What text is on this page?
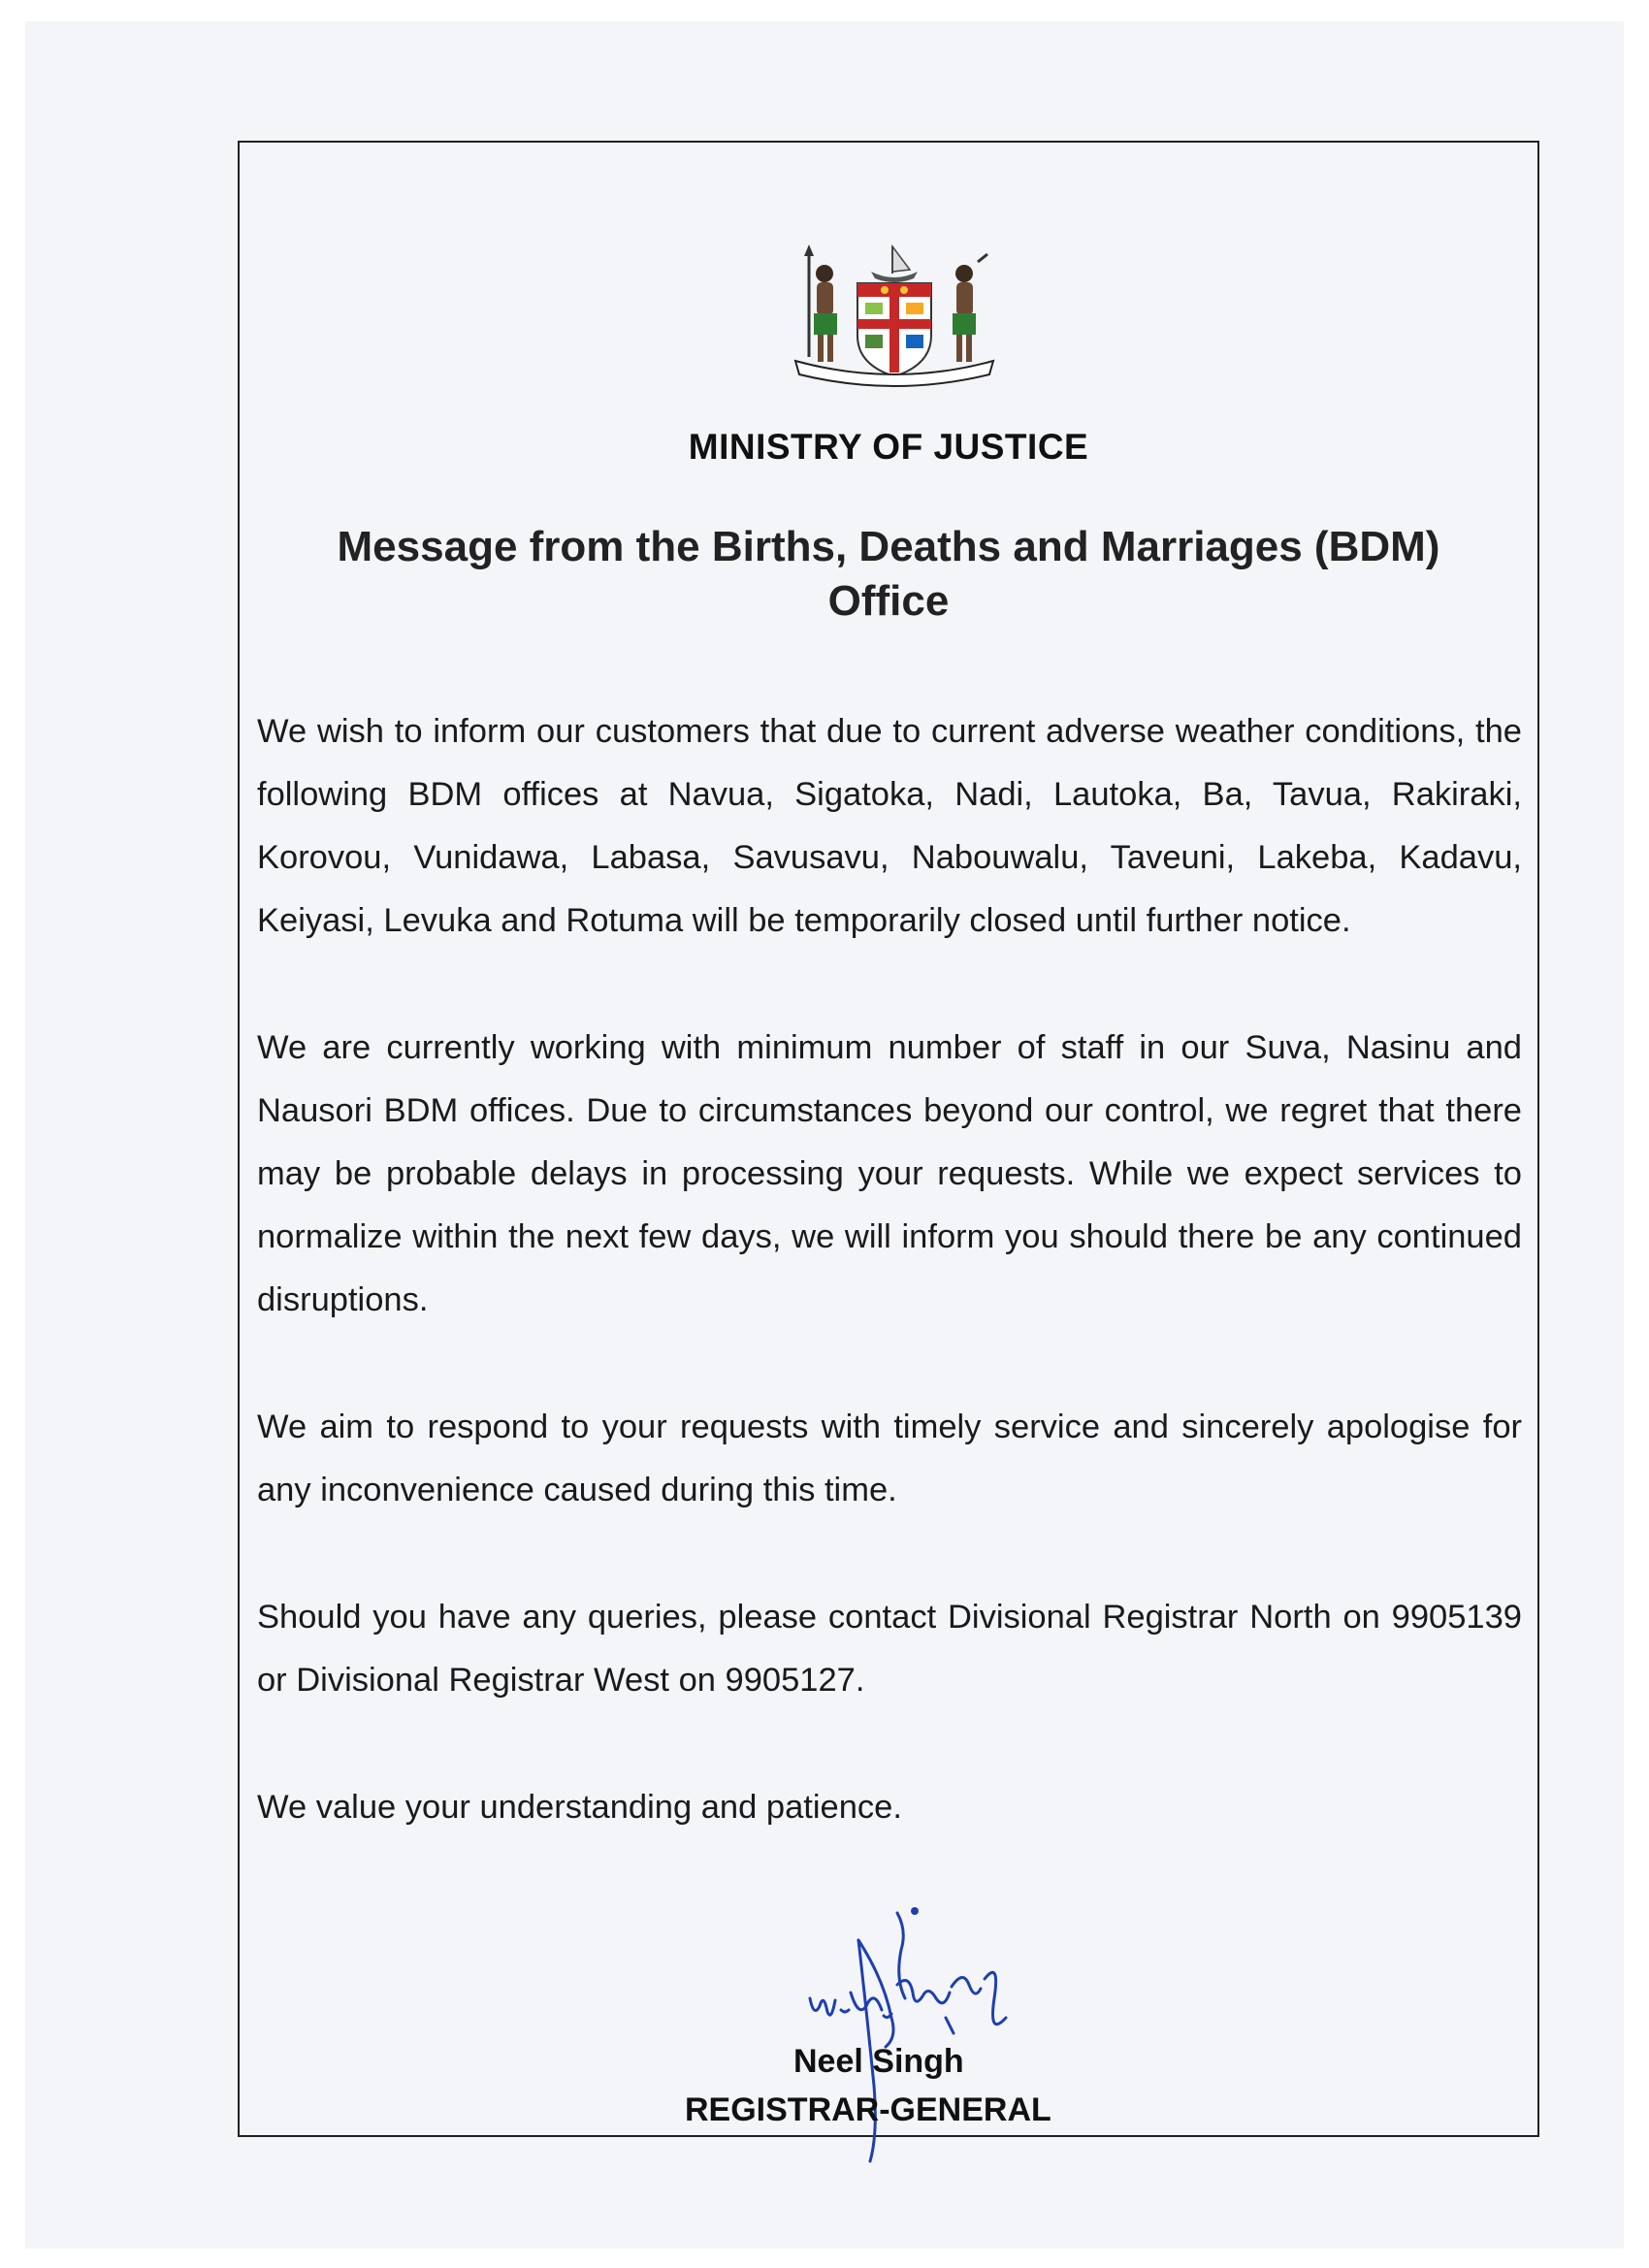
MINISTRY OF JUSTICE
Message from the Births, Deaths and Marriages (BDM) Office

We wish to inform our customers that due to current adverse weather conditions, the following BDM offices at Navua, Sigatoka, Nadi, Lautoka, Ba, Tavua, Rakiraki, Korovou, Vunidawa, Labasa, Savusavu, Nabouwalu, Taveuni, Lakeba, Kadavu, Keiyasi, Levuka and Rotuma will be temporarily closed until further notice.

We are currently working with minimum number of staff in our Suva, Nasinu and Nausori BDM offices. Due to circumstances beyond our control, we regret that there may be probable delays in processing your requests. While we expect services to normalize within the next few days, we will inform you should there be any continued disruptions.

We aim to respond to your requests with timely service and sincerely apologise for any inconvenience caused during this time.

Should you have any queries, please contact Divisional Registrar North on 9905139 or Divisional Registrar West on 9905127.

We value your understanding and patience.

Neel Singh
REGISTRAR-GENERAL
